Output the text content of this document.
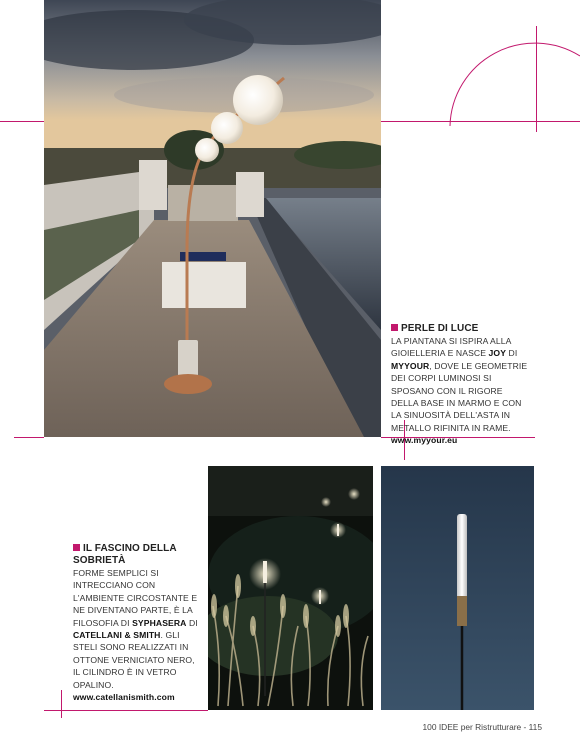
PERLE DI LUCE
LA PIANTANA SI ISPIRA ALLA GIOIELLERIA E NASCE JOY DI MYYOUR, DOVE LE GEOMETRIE DEI CORPI LUMINOSI SI SPOSANO CON IL RIGORE DELLA BASE IN MARMO E CON LA SINUOSITÀ DELL'ASTA IN METALLO RIFINITA IN RAME.
www.myyour.eu
IL FASCINO DELLA SOBRIETÀ
FORME SEMPLICI SI INTRECCIANO CON L'AMBIENTE CIRCOSTANTE E NE DIVENTANO PARTE, È LA FILOSOFIA DI SYPHASERA DI CATELLANI & SMITH. GLI STELI SONO REALIZZATI IN OTTONE VERNICIATO NERO, IL CILINDRO È IN VETRO OPALINO.
www.catellanismith.com
100 IDEE per Ristrutturare - 115
